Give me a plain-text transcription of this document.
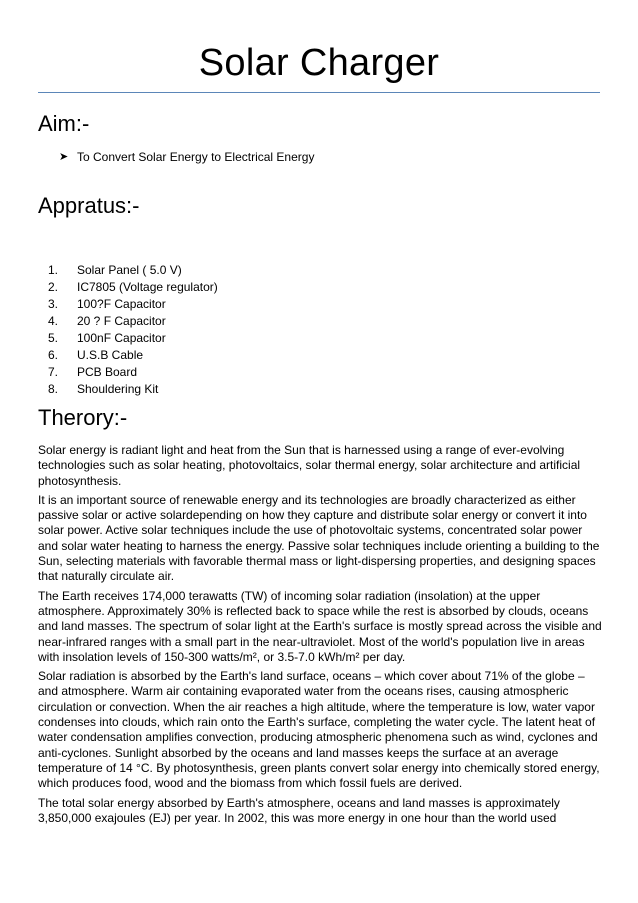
Solar Charger
Aim:-
➤ To Convert Solar Energy to Electrical Energy
Appratus:-
1.	Solar Panel ( 5.0 V)
2.	IC7805 (Voltage regulator)
3.	100?F Capacitor
4.	20 ? F Capacitor
5.	100nF Capacitor
6.	U.S.B Cable
7.	PCB Board
8.	Shouldering Kit
Therory:-

Solar energy is radiant light and heat from the Sun that is harnessed using a range of ever-evolving technologies such as solar heating, photovoltaics, solar thermal energy, solar architecture and artificial photosynthesis.

It is an important source of renewable energy and its technologies are broadly characterized as either passive solar or active solardepending on how they capture and distribute solar energy or convert it into solar power. Active solar techniques include the use of photovoltaic systems, concentrated solar power and solar water heating to harness the energy. Passive solar techniques include orienting a building to the Sun, selecting materials with favorable thermal mass or light-dispersing properties, and designing spaces that naturally circulate air.

The Earth receives 174,000 terawatts (TW) of incoming solar radiation (insolation) at the upper atmosphere. Approximately 30% is reflected back to space while the rest is absorbed by clouds, oceans and land masses. The spectrum of solar light at the Earth's surface is mostly spread across the visible and near-infrared ranges with a small part in the near-ultraviolet. Most of the world's population live in areas with insolation levels of 150-300 watts/m², or 3.5-7.0 kWh/m² per day.

Solar radiation is absorbed by the Earth's land surface, oceans – which cover about 71% of the globe – and atmosphere. Warm air containing evaporated water from the oceans rises, causing atmospheric circulation or convection. When the air reaches a high altitude, where the temperature is low, water vapor condenses into clouds, which rain onto the Earth's surface, completing the water cycle. The latent heat of water condensation amplifies convection, producing atmospheric phenomena such as wind, cyclones and anti-cyclones. Sunlight absorbed by the oceans and land masses keeps the surface at an average temperature of 14 °C. By photosynthesis, green plants convert solar energy into chemically stored energy, which produces food, wood and the biomass from which fossil fuels are derived.

The total solar energy absorbed by Earth's atmosphere, oceans and land masses is approximately 3,850,000 exajoules (EJ) per year. In 2002, this was more energy in one hour than the world used
